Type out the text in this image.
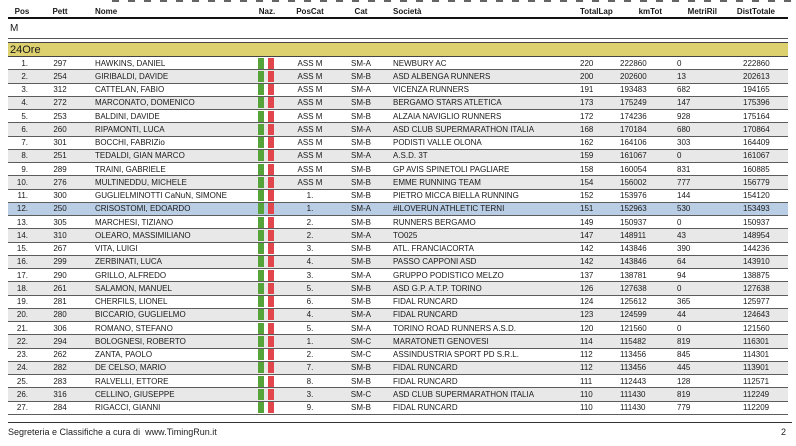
Pos	Pett	Nome	Naz.	PosCat	Cat	Società	TotalLap	kmTot	MetriRil	DistTotale
M
24Ore
1.	297	HAWKINS, DANIEL	ASS M	SM-A	NEWBURY AC	220	222860	0	222860
2.	254	GIRIBALDI, DAVIDE	ASS M	SM-B	ASD ALBENGA RUNNERS	200	202600	13	202613
3.	312	CATTELAN, FABIO	ASS M	SM-A	VICENZA RUNNERS	191	193483	682	194165
4.	272	MARCONATO, DOMENICO	ASS M	SM-B	BERGAMO STARS ATLETICA	173	175249	147	175396
5.	253	BALDINI, DAVIDE	ASS M	SM-B	ALZAIA NAVIGLIO RUNNERS	172	174236	928	175164
6.	260	RIPAMONTI, LUCA	ASS M	SM-A	ASD CLUB SUPERMARATHON ITALIA	168	170184	680	170864
7.	301	BOCCHI, FABRIZio	ASS M	SM-B	PODISTI VALLE OLONA	162	164106	303	164409
8.	251	TEDALDI, GIAN MARCO	ASS M	SM-A	A.S.D. 3T	159	161067	0	161067
9.	289	TRAINI, GABRIELE	ASS M	SM-B	GP AVIS SPINETOLI PAGLIARE	158	160054	831	160885
10.	276	MULTINEDDU, MICHELE	ASS M	SM-B	EMME RUNNING TEAM	154	156002	777	156779
11.	300	GUGLIELMINOTTI CaNuN, SIMONE	1.	SM-B	PIETRO MICCA BIELLA RUNNING	152	153976	144	154120
12.	250	CRISOSTOMI, EDOARDO	1.	SM-A	#ILOVERUN ATHLETIC TERNI	151	152963	530	153493
13.	305	MARCHESI, TIZIANO	2.	SM-B	RUNNERS BERGAMO	149	150937	0	150937
14.	310	OLEARO, MASSIMILIANO	2.	SM-A	TO025	147	148911	43	148954
15.	267	VITA, LUIGI	3.	SM-B	ATL. FRANCIACORTA	142	143846	390	144236
16.	299	ZERBINATI, LUCA	4.	SM-B	PASSO CAPPONI ASD	142	143846	64	143910
17.	290	GRILLO, ALFREDO	3.	SM-A	GRUPPO PODISTICO MELZO	137	138781	94	138875
18.	261	SALAMON, MANUEL	5.	SM-B	ASD G.P. A.T.P. TORINO	126	127638	0	127638
19.	281	CHERFILS, LIONEL	6.	SM-B	FIDAL RUNCARD	124	125612	365	125977
20.	280	BICCARIO, GUGLIELMO	4.	SM-A	FIDAL RUNCARD	123	124599	44	124643
21.	306	ROMANO, STEFANO	5.	SM-A	TORINO ROAD RUNNERS A.S.D.	120	121560	0	121560
22.	294	BOLOGNESI, ROBERTO	1.	SM-C	MARATONETI GENOVESI	114	115482	819	116301
23.	262	ZANTA, PAOLO	2.	SM-C	ASSINDUSTRIA SPORT PD S.R.L.	112	113456	845	114301
24.	282	DE CELSO, MARIO	7.	SM-B	FIDAL RUNCARD	112	113456	445	113901
25.	283	RALVELLI, ETTORE	8.	SM-B	FIDAL RUNCARD	111	112443	128	112571
26.	316	CELLINO, GIUSEPPE	3.	SM-C	ASD CLUB SUPERMARATHON ITALIA	110	111430	819	112249
27.	284	RIGACCI, GIANNI	9.	SM-B	FIDAL RUNCARD	110	111430	779	112209
Segreteria e Classifiche a cura di  www.TimingRun.it	2
